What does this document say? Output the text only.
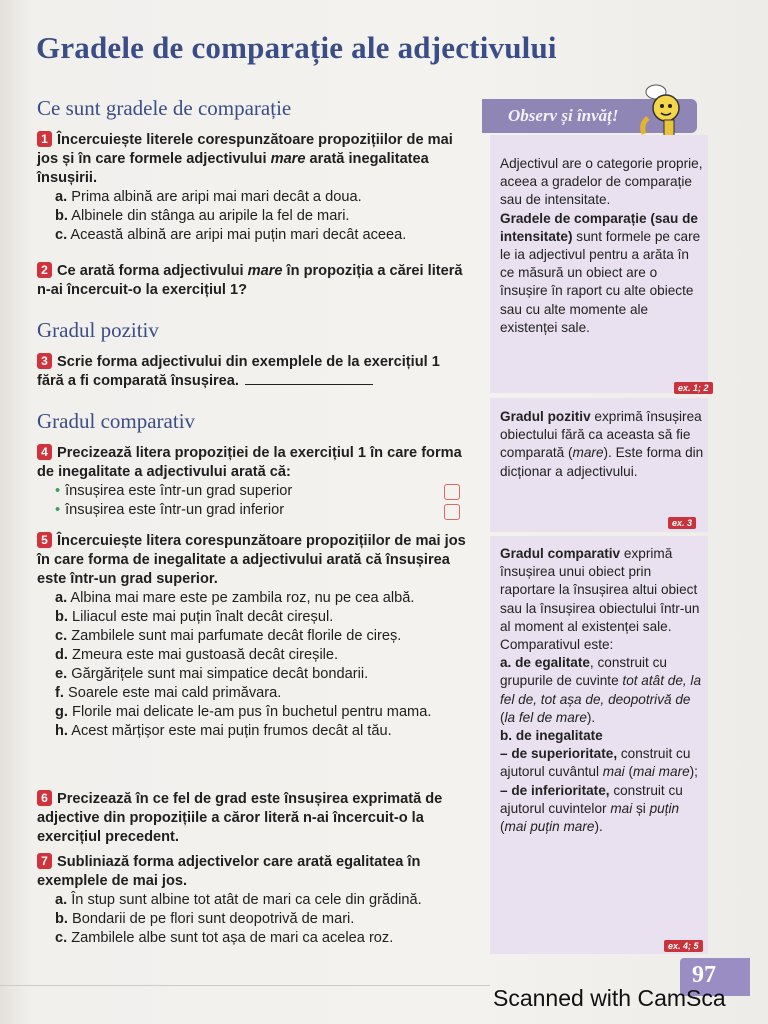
Gradele de comparație ale adjectivului
Ce sunt gradele de comparație
1 Încercuiește literele corespunzătoare propozițiilor de mai jos și în care formele adjectivului mare arată inegalitatea însușirii.
a. Prima albină are aripi mai mari decât a doua.
b. Albinele din stânga au aripile la fel de mari.
c. Această albină are aripi mai puțin mari decât aceea.
2 Ce arată forma adjectivului mare în propoziția a cărei literă n-ai încercuit-o la exercițiul 1?
Gradul pozitiv
3 Scrie forma adjectivului din exemplele de la exercițiul 1 fără a fi comparată însușirea.
Gradul comparativ
4 Precizează litera propoziției de la exercițiul 1 în care forma de inegalitate a adjectivului arată că:
• însușirea este într-un grad superior
• însușirea este într-un grad inferior
5 Încercuiește litera corespunzătoare propozițiilor de mai jos în care forma de inegalitate a adjectivului arată că însușirea este într-un grad superior.
a. Albina mai mare este pe zambila roz, nu pe cea albă.
b. Liliacul este mai puțin înalt decât cireșul.
c. Zambilele sunt mai parfumate decât florile de cireș.
d. Zmeura este mai gustoasă decât cireșile.
e. Gărgărițele sunt mai simpatice decât bondarii.
f. Soarele este mai cald primăvara.
g. Florile mai delicate le-am pus în buchetul pentru mama.
h. Acest mărțișor este mai puțin frumos decât al tău.
6 Precizează în ce fel de grad este însușirea exprimată de adjective din propozițiile a căror literă n-ai încercuit-o la exercițiul precedent.
7 Subliniază forma adjectivelor care arată egalitatea în exemplele de mai jos.
a. În stup sunt albine tot atât de mari ca cele din grădină.
b. Bondarii de pe flori sunt deopotrivă de mari.
c. Zambilele albe sunt tot așa de mari ca acelea roz.
Observ și învăț!
Adjectivul are o categorie proprie, aceea a gradelor de comparație sau de intensitate.
Gradele de comparație (sau de intensitate) sunt formele pe care le ia adjectivul pentru a arăta în ce măsură un obiect are o însușire în raport cu alte obiecte sau cu alte momente ale existenței sale.
ex. 1; 2
Gradul pozitiv exprimă însușirea obiectului fără ca aceasta să fie comparată (mare). Este forma din dicționar a adjectivului.
ex. 3
Gradul comparativ exprimă însușirea unui obiect prin raportare la însușirea altui obiect sau la însușirea obiectului într-un al moment al existenței sale.
Comparativul este:
a. de egalitate, construit cu grupurile de cuvinte tot atât de, la fel de, tot așa de, deopotrivă de (la fel de mare).
b. de inegalitate
– de superioritate, construit cu ajutorul cuvântul mai (mai mare);
– de inferioritate, construit cu ajutorul cuvintelor mai și puțin (mai puțin mare).
ex. 4; 5
97
Scanned with CamSca
